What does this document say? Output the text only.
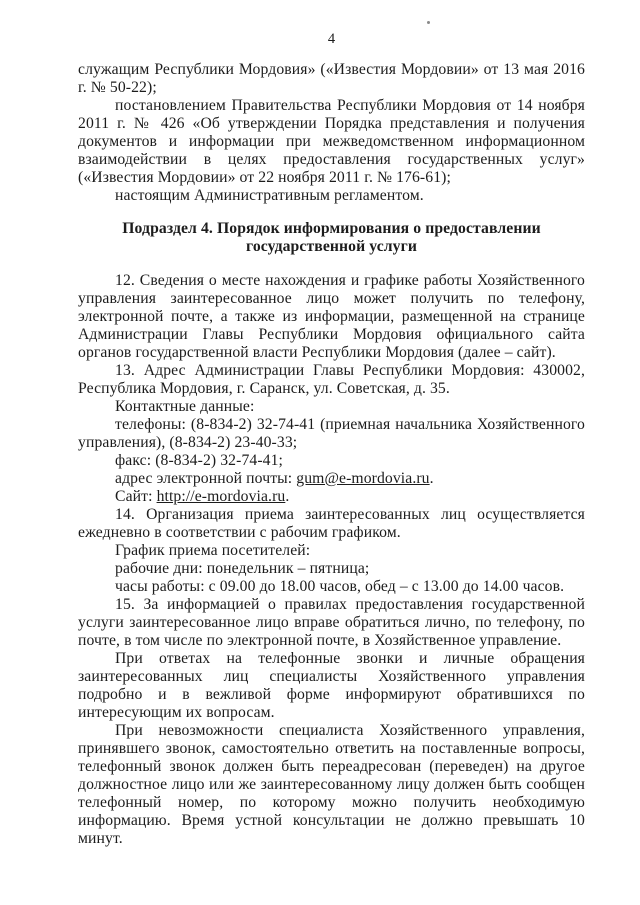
4

служащим Республики Мордовия» («Известия Мордовии» от 13 мая 2016 г. № 50-22);

постановлением Правительства Республики Мордовия от 14 ноября 2011 г. № 426 «Об утверждении Порядка представления и получения документов и информации при межведомственном информационном взаимодействии в целях предоставления государственных услуг» («Известия Мордовии» от 22 ноября 2011 г. № 176-61);

настоящим Административным регламентом.

Подраздел 4. Порядок информирования о предоставлении государственной услуги

12. Сведения о месте нахождения и графике работы Хозяйственного управления заинтересованное лицо может получить по телефону, электронной почте, а также из информации, размещенной на странице Администрации Главы Республики Мордовия официального сайта органов государственной власти Республики Мордовия (далее – сайт).

13. Адрес Администрации Главы Республики Мордовия: 430002, Республика Мордовия, г. Саранск, ул. Советская, д. 35.

Контактные данные:

телефоны: (8-834-2) 32-74-41 (приемная начальника Хозяйственного управления), (8-834-2) 23-40-33;

факс: (8-834-2) 32-74-41;

адрес электронной почты: gum@e-mordovia.ru.

Сайт: http://e-mordovia.ru.

14. Организация приема заинтересованных лиц осуществляется ежедневно в соответствии с рабочим графиком.

График приема посетителей:

рабочие дни: понедельник – пятница;

часы работы: с 09.00 до 18.00 часов, обед – с 13.00 до 14.00 часов.

15. За информацией о правилах предоставления государственной услуги заинтересованное лицо вправе обратиться лично, по телефону, по почте, в том числе по электронной почте, в Хозяйственное управление.

При ответах на телефонные звонки и личные обращения заинтересованных лиц специалисты Хозяйственного управления подробно и в вежливой форме информируют обратившихся по интересующим их вопросам.

При невозможности специалиста Хозяйственного управления, принявшего звонок, самостоятельно ответить на поставленные вопросы, телефонный звонок должен быть переадресован (переведен) на другое должностное лицо или же заинтересованному лицу должен быть сообщен телефонный номер, по которому можно получить необходимую информацию. Время устной консультации не должно превышать 10 минут.
